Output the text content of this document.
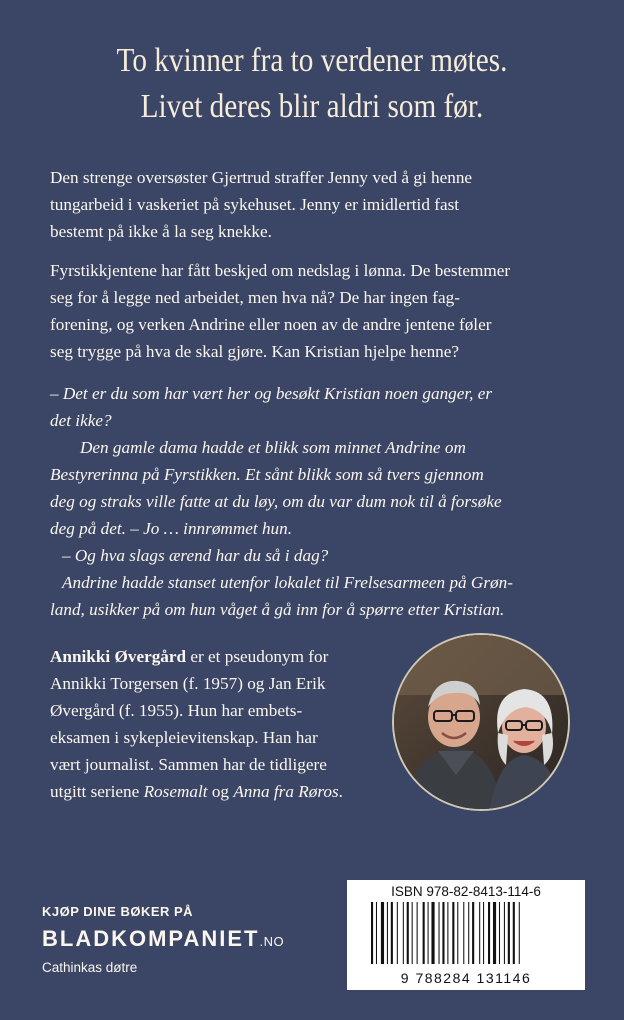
To kvinner fra to verdener møtes.
Livet deres blir aldri som før.

Den strenge oversøster Gjertrud straffer Jenny ved å gi henne

tungarbeid i vaskeriet på sykehuset. Jenny er imidlertid fast

bestemt på ikke å la seg knekke.

Fyrstikkjentene har fått beskjed om nedslag i lønna. De bestemmer

seg for å legge ned arbeidet, men hva nå? De har ingen fag-

forening, og verken Andrine eller noen av de andre jentene føler

seg trygge på hva de skal gjøre. Kan Kristian hjelpe henne?

– Det er du som har vært her og besøkt Kristian noen ganger, er

det ikke?

Den gamle dama hadde et blikk som minnet Andrine om

Bestyrerinna på Fyrstikken. Et sånt blikk som så tvers gjennom

deg og straks ville fatte at du løy, om du var dum nok til å forsøke

deg på det. – Jo … innrømmet hun.

– Og hva slags ærend har du så i dag?

Andrine hadde stanset utenfor lokalet til Frelsesarmeen på Grøn-

land, usikker på om hun våget å gå inn for å spørre etter Kristian.

Annikki Øvergård er et pseudonym for
Annikki Torgersen (f. 1957) og Jan Erik
Øvergård (f. 1955). Hun har embets-
eksamen i sykepleievitenskap. Han har
vært journalist. Sammen har de tidligere
utgitt seriene Rosemalt og Anna fra Røros.
KJØP DINE BØKER PÅ
BLADKOMPANIET.NO
Cathinkas døtre
ISBN 978-82-8413-114-6
9 788284 131146
